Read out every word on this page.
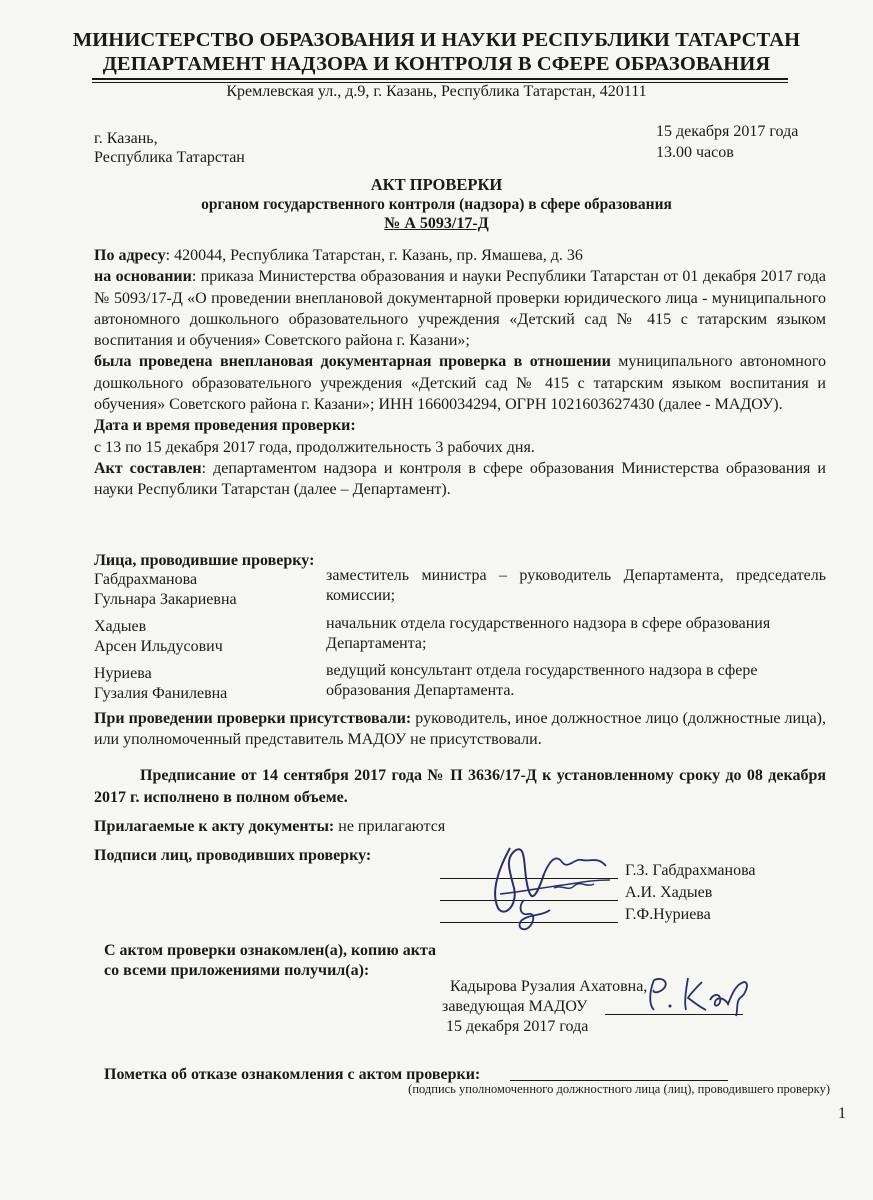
МИНИСТЕРСТВО ОБРАЗОВАНИЯ И НАУКИ РЕСПУБЛИКИ ТАТАРСТАН
ДЕПАРТАМЕНТ НАДЗОРА И КОНТРОЛЯ В СФЕРЕ ОБРАЗОВАНИЯ
Кремлевская ул., д.9, г. Казань, Республика Татарстан, 420111
г. Казань,
Республика Татарстан
15 декабря 2017 года
13.00 часов
АКТ ПРОВЕРКИ
органом государственного контроля (надзора) в сфере образования
№ А 5093/17-Д

По адресу: 420044, Республика Татарстан, г. Казань, пр. Ямашева, д. 36

на основании: приказа Министерства образования и науки Республики Татарстан от 01 декабря 2017 года № 5093/17-Д «О проведении внеплановой документарной проверки юридического лица - муниципального автономного дошкольного образовательного учреждения «Детский сад № 415 с татарским языком воспитания и обучения» Советского района г. Казани»;

была проведена внеплановая документарная проверка в отношении муниципального автономного дошкольного образовательного учреждения «Детский сад № 415 с татарским языком воспитания и обучения» Советского района г. Казани»; ИНН 1660034294, ОГРН 1021603627430 (далее - МАДОУ).

Дата и время проведения проверки:

с 13 по 15 декабря 2017 года, продолжительность 3 рабочих дня.

Акт составлен: департаментом надзора и контроля в сфере образования Министерства образования и науки Республики Татарстан (далее – Департамент).

Лица, проводившие проверку:
Габдрахманова
Гульнара Закариевна
заместитель министра – руководитель Департамента, председатель комиссии;
Хадыев
Арсен Ильдусович
начальник отдела государственного надзора в сфере образования Департамента;
Нуриева
Гузалия Фанилевна
ведущий консультант отдела государственного надзора в сфере образования Департамента.
При проведении проверки присутствовали: руководитель, иное должностное лицо (должностные лица), или уполномоченный представитель МАДОУ не присутствовали.
Предписание от 14 сентября 2017 года № П 3636/17-Д к установленному сроку до 08 декабря 2017 г. исполнено в полном объеме.
Прилагаемые к акту документы: не прилагаются
Подписи лиц, проводивших проверку:
Г.З. Габдрахманова
А.И. Хадыев
Г.Ф.Нуриева
С актом проверки ознакомлен(а), копию акта
со всеми приложениями получил(а):
Кадырова Рузалия Ахатовна,
заведующая МАДОУ
15 декабря 2017 года
Пометка об отказе ознакомления с актом проверки:
(подпись уполномоченного должностного лица (лиц), проводившего проверку)
1
